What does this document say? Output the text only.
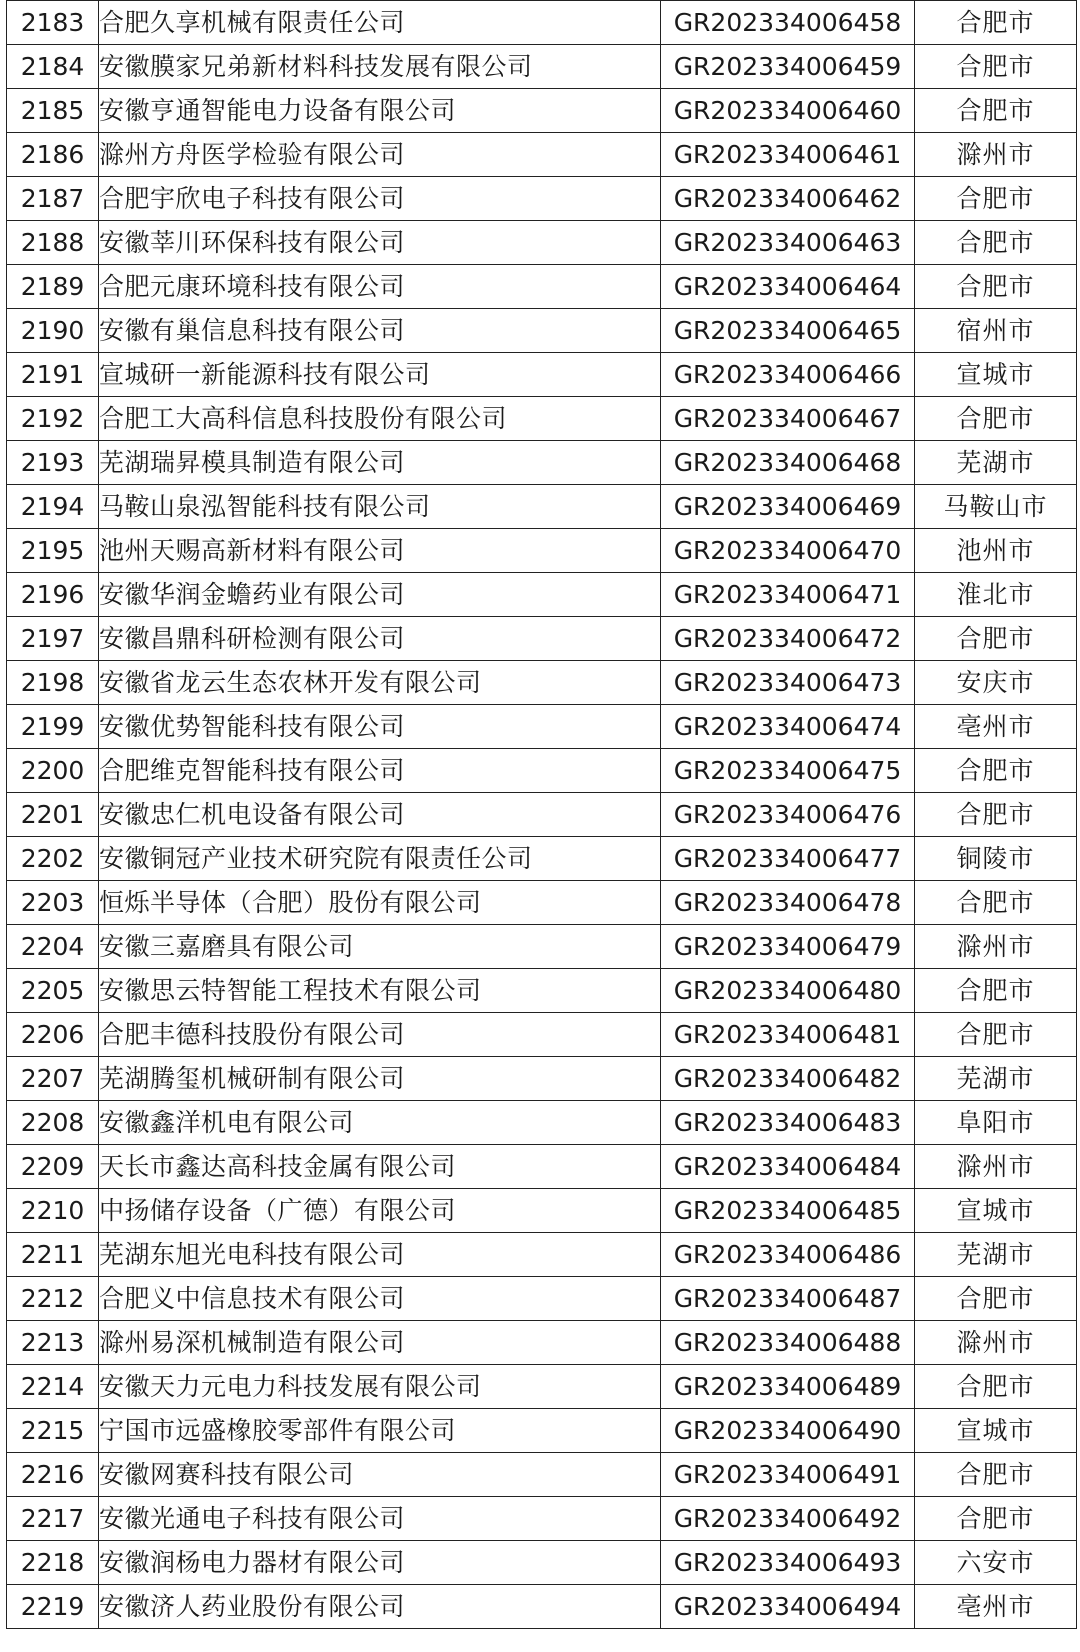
2183	合肥久享机械有限责任公司	GR202334006458	合肥市
2184	安徽膜家兄弟新材料科技发展有限公司	GR202334006459	合肥市
2185	安徽亨通智能电力设备有限公司	GR202334006460	合肥市
2186	滁州方舟医学检验有限公司	GR202334006461	滁州市
2187	合肥宇欣电子科技有限公司	GR202334006462	合肥市
2188	安徽莘川环保科技有限公司	GR202334006463	合肥市
2189	合肥元康环境科技有限公司	GR202334006464	合肥市
2190	安徽有巢信息科技有限公司	GR202334006465	宿州市
2191	宣城研一新能源科技有限公司	GR202334006466	宣城市
2192	合肥工大高科信息科技股份有限公司	GR202334006467	合肥市
2193	芜湖瑞昇模具制造有限公司	GR202334006468	芜湖市
2194	马鞍山泉泓智能科技有限公司	GR202334006469	马鞍山市
2195	池州天赐高新材料有限公司	GR202334006470	池州市
2196	安徽华润金蟾药业有限公司	GR202334006471	淮北市
2197	安徽昌鼎科研检测有限公司	GR202334006472	合肥市
2198	安徽省龙云生态农林开发有限公司	GR202334006473	安庆市
2199	安徽优势智能科技有限公司	GR202334006474	亳州市
2200	合肥维克智能科技有限公司	GR202334006475	合肥市
2201	安徽忠仁机电设备有限公司	GR202334006476	合肥市
2202	安徽铜冠产业技术研究院有限责任公司	GR202334006477	铜陵市
2203	恒烁半导体（合肥）股份有限公司	GR202334006478	合肥市
2204	安徽三嘉磨具有限公司	GR202334006479	滁州市
2205	安徽思云特智能工程技术有限公司	GR202334006480	合肥市
2206	合肥丰德科技股份有限公司	GR202334006481	合肥市
2207	芜湖腾玺机械研制有限公司	GR202334006482	芜湖市
2208	安徽鑫洋机电有限公司	GR202334006483	阜阳市
2209	天长市鑫达高科技金属有限公司	GR202334006484	滁州市
2210	中扬储存设备（广德）有限公司	GR202334006485	宣城市
2211	芜湖东旭光电科技有限公司	GR202334006486	芜湖市
2212	合肥义中信息技术有限公司	GR202334006487	合肥市
2213	滁州易深机械制造有限公司	GR202334006488	滁州市
2214	安徽天力元电力科技发展有限公司	GR202334006489	合肥市
2215	宁国市远盛橡胶零部件有限公司	GR202334006490	宣城市
2216	安徽网赛科技有限公司	GR202334006491	合肥市
2217	安徽光通电子科技有限公司	GR202334006492	合肥市
2218	安徽润杨电力器材有限公司	GR202334006493	六安市
2219	安徽济人药业股份有限公司	GR202334006494	亳州市
